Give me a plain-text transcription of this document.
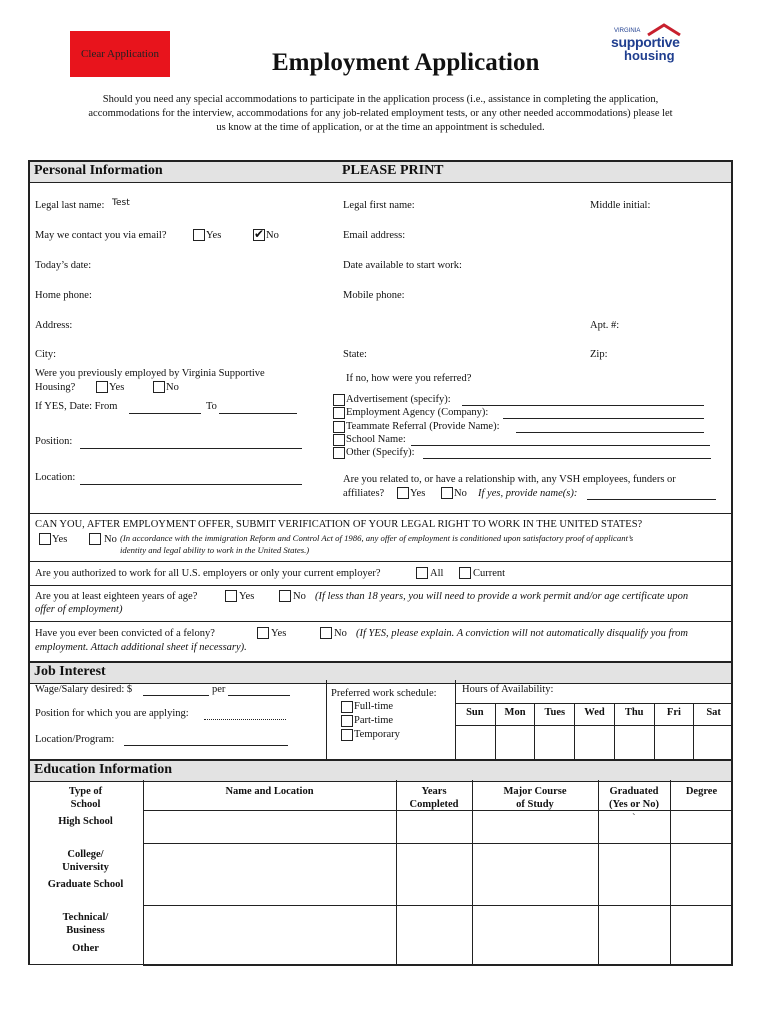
Clear Application	Employment Application
VIRGINIA
supportive
housing
Should you need any special accommodations to participate in the application process (i.e., assistance in completing the application,
accommodations for the interview, accommodations for any job-related employment tests, or any other needed accommodations) please let
us know at the time of application, or at the time an appointment is scheduled.
Personal Information	PLEASE PRINT
Legal last name: Test	Legal first name:	Middle initial:
May we contact you via email?	Yes
✔	No	Email address:
Today’s date:	Date available to start work:
Home phone:	Mobile phone:
Address:	Apt. #:
City:	State:	Zip:
Were you previously employed by Virginia Supportive
Housing?	Yes	No
If YES, Date: From	To
Position:
Location:
If no, how were you referred?
Advertisement (specify):
Employment Agency (Company):
Teammate Referral (Provide Name):
School Name:
Other (Specify):
Are you related to, or have a relationship with, any VSH employees, funders or
affiliates? Yes	No If yes, provide name(s):
CAN YOU, AFTER EMPLOYMENT OFFER, SUBMIT VERIFICATION OF YOUR LEGAL RIGHT TO WORK IN THE UNITED STATES?
Yes	No (In accordance with the immigration Reform and Control Act of 1986, any offer of employment is conditioned upon satisfactory proof of applicant’s
identity and legal ability to work in the United States.)
Are you authorized to work for all U.S. employers or only your current employer?	All	Current
Are you at least eighteen years of age?	Yes	No (If less than 18 years, you will need to provide a work permit and/or age certificate upon
offer of employment)
Have you ever been convicted of a felony?	Yes	No (If YES, please explain. A conviction will not automatically disqualify you from
employment. Attach additional sheet if necessary).
Job Interest
Wage/Salary desired: $	per
Position for which you are applying:
Location/Program:
Preferred work schedule:
Full-time
Part-time
Temporary
Hours of Availability:
Sun	Mon	Tues	Wed	Thu	Fri	Sat
Education Information
Type of
School
Name and Location	Years
Completed
Major Course
of Study
Graduated
(Yes or No)
Degree
`
High School
College/
University
Graduate School
Technical/
Business
Other
